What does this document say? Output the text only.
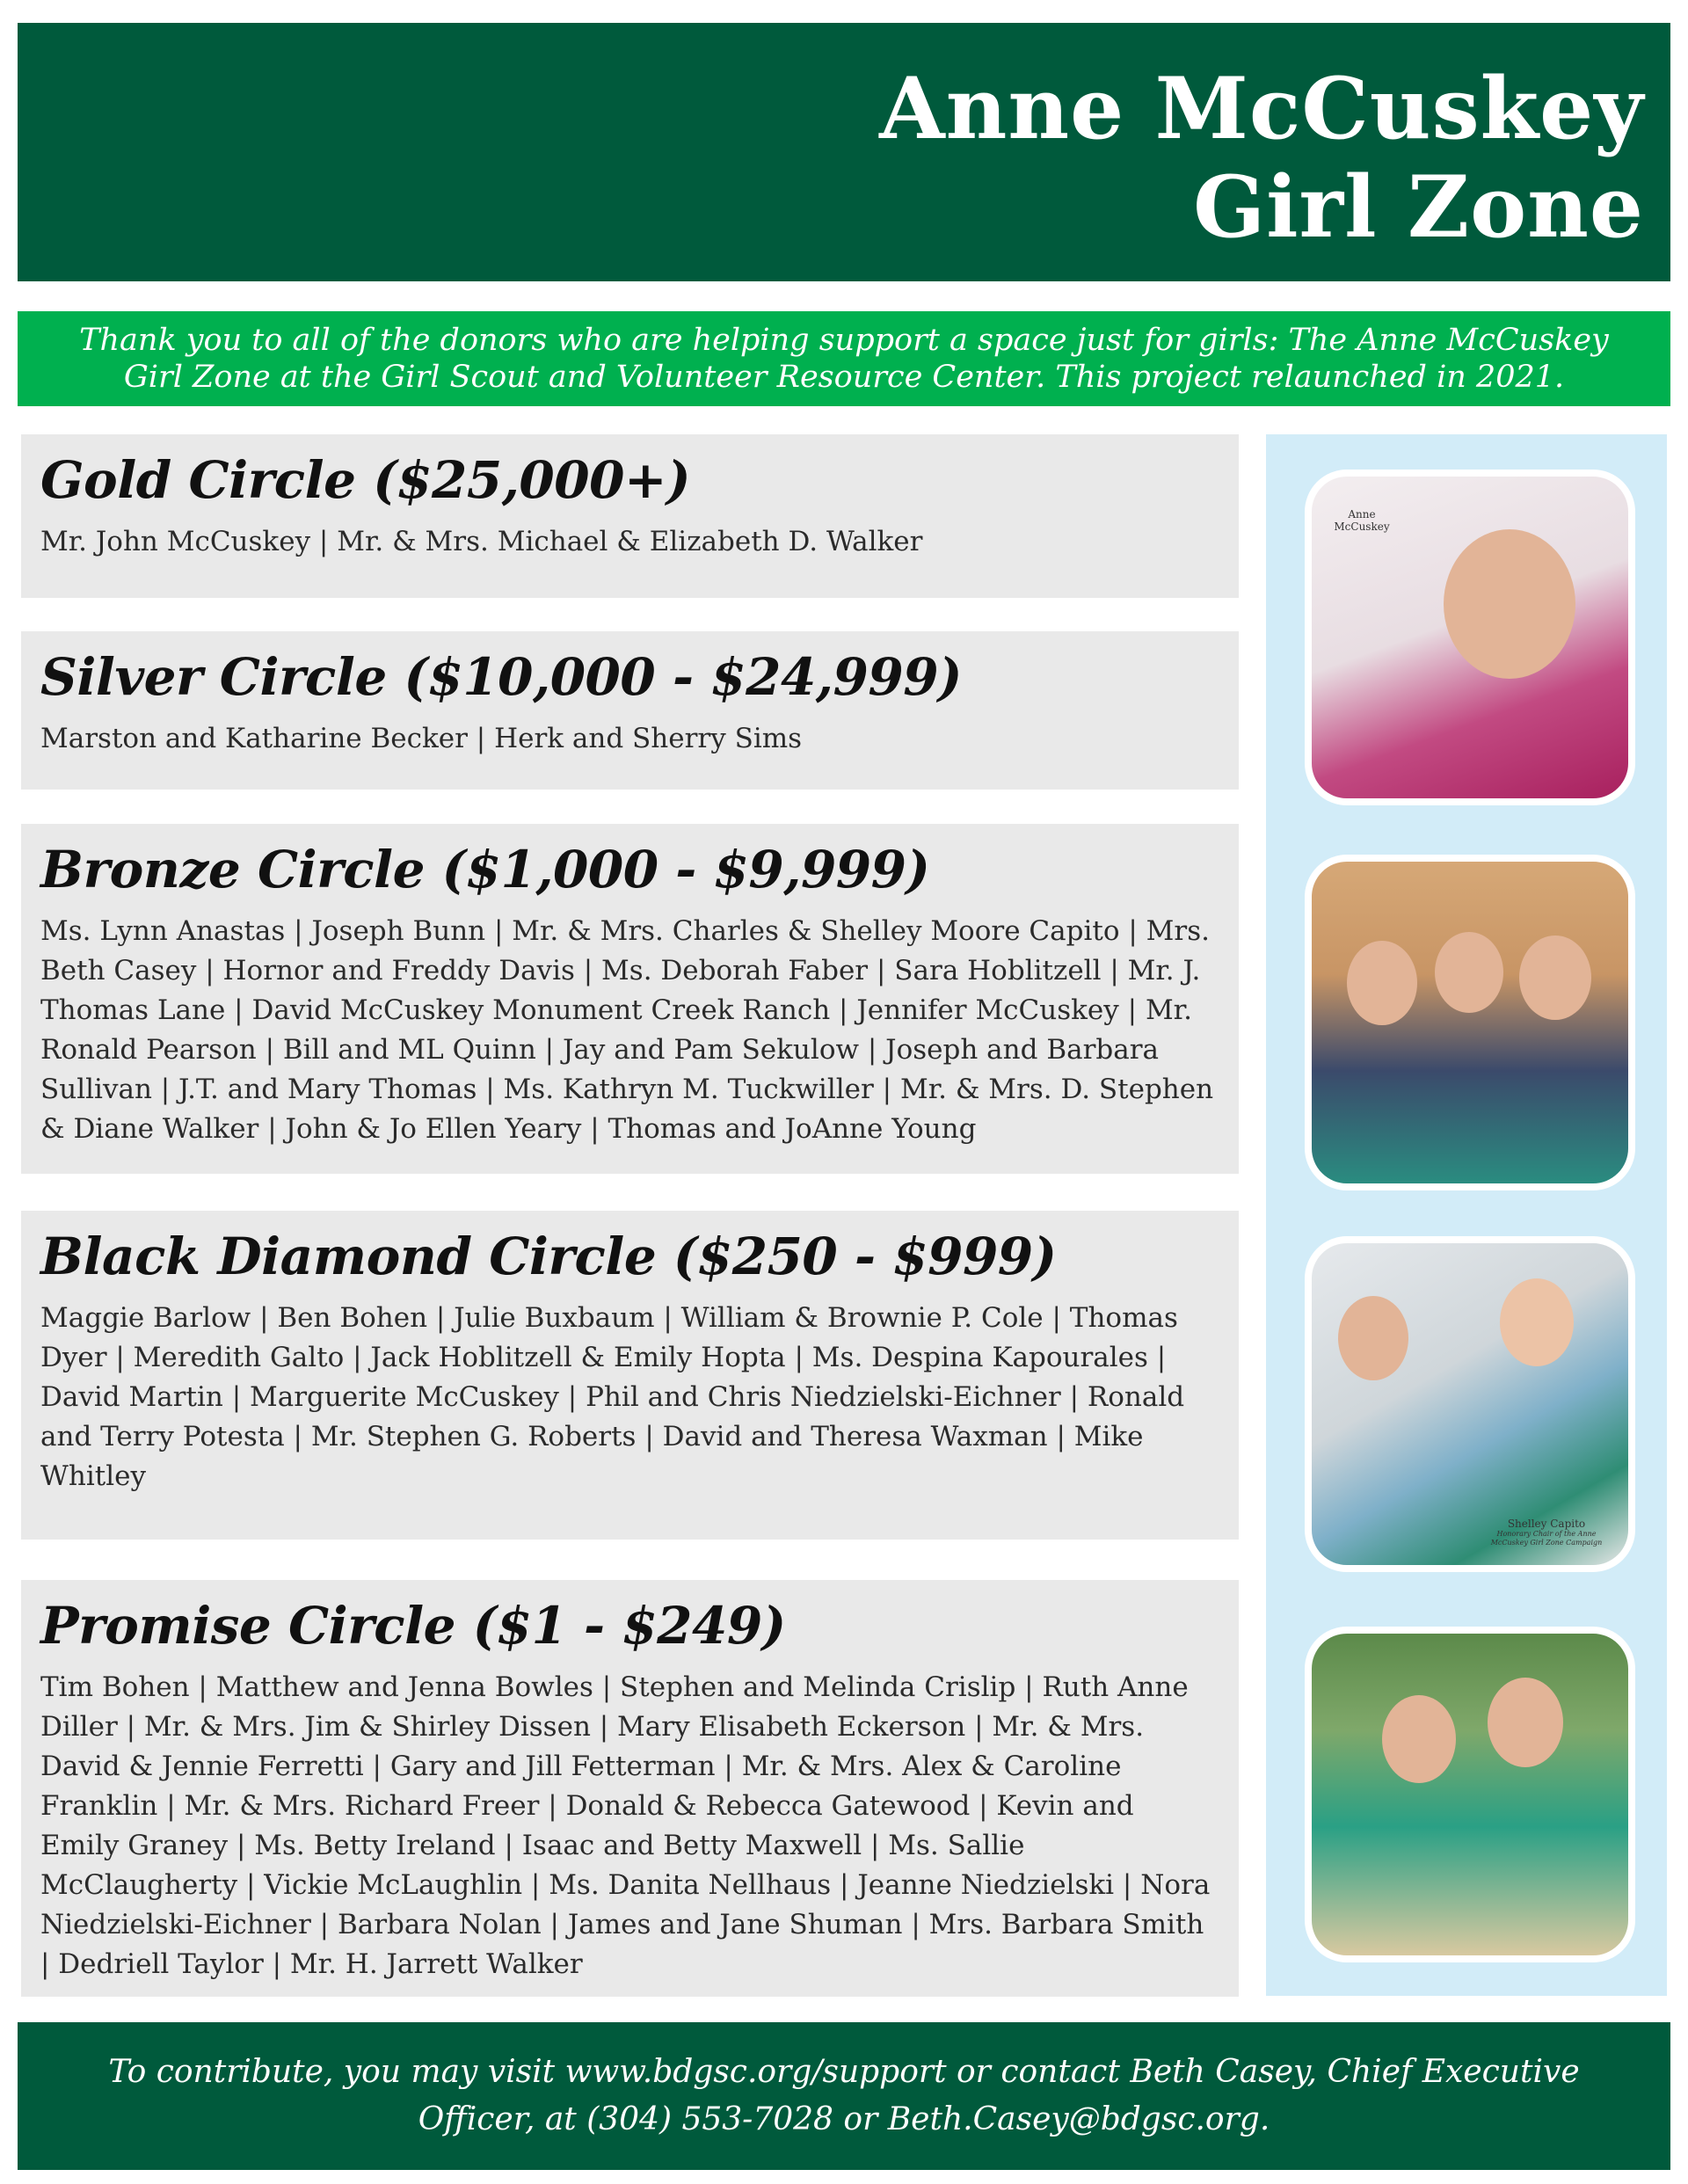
Anne McCuskey
Girl Zone
Thank you to all of the donors who are helping support a space just for girls: The Anne McCuskey Girl Zone at the Girl Scout and Volunteer Resource Center. This project relaunched in 2021.
Gold Circle ($25,000+)

Mr. John McCuskey | Mr. & Mrs. Michael & Elizabeth D. Walker

Silver Circle ($10,000 - $24,999)

Marston and Katharine Becker | Herk and Sherry Sims

Bronze Circle ($1,000 - $9,999)

Ms. Lynn Anastas | Joseph Bunn | Mr. & Mrs. Charles & Shelley Moore Capito | Mrs. Beth Casey | Hornor and Freddy Davis | Ms. Deborah Faber | Sara Hoblitzell | Mr. J. Thomas Lane | David McCuskey Monument Creek Ranch | Jennifer McCuskey | Mr. Ronald Pearson | Bill and ML Quinn | Jay and Pam Sekulow | Joseph and Barbara Sullivan | J.T. and Mary Thomas | Ms. Kathryn M. Tuckwiller | Mr. & Mrs. D. Stephen & Diane Walker | John & Jo Ellen Yeary | Thomas and JoAnne Young

Black Diamond Circle ($250 - $999)

Maggie Barlow | Ben Bohen | Julie Buxbaum | William & Brownie P. Cole | Thomas Dyer | Meredith Galto | Jack Hoblitzell & Emily Hopta | Ms. Despina Kapourales | David Martin | Marguerite McCuskey | Phil and Chris Niedzielski-Eichner | Ronald and Terry Potesta | Mr. Stephen G. Roberts | David and Theresa Waxman | Mike Whitley

Promise Circle ($1 - $249)

Tim Bohen | Matthew and Jenna Bowles | Stephen and Melinda Crislip | Ruth Anne Diller | Mr. & Mrs. Jim & Shirley Dissen | Mary Elisabeth Eckerson | Mr. & Mrs. David & Jennie Ferretti | Gary and Jill Fetterman | Mr. & Mrs. Alex & Caroline Franklin | Mr. & Mrs. Richard Freer | Donald & Rebecca Gatewood | Kevin and Emily Graney | Ms. Betty Ireland | Isaac and Betty Maxwell | Ms. Sallie McClaugherty | Vickie McLaughlin | Ms. Danita Nellhaus | Jeanne Niedzielski | Nora Niedzielski-Eichner | Barbara Nolan | James and Jane Shuman | Mrs. Barbara Smith | Dedriell Taylor | Mr. H. Jarrett Walker

Anne McCuskey
Shelley Capito
Honorary Chair of the Anne McCuskey Girl Zone Campaign
To contribute, you may visit www.bdgsc.org/support or contact Beth Casey, Chief Executive Officer, at (304) 553-7028 or Beth.Casey@bdgsc.org.
